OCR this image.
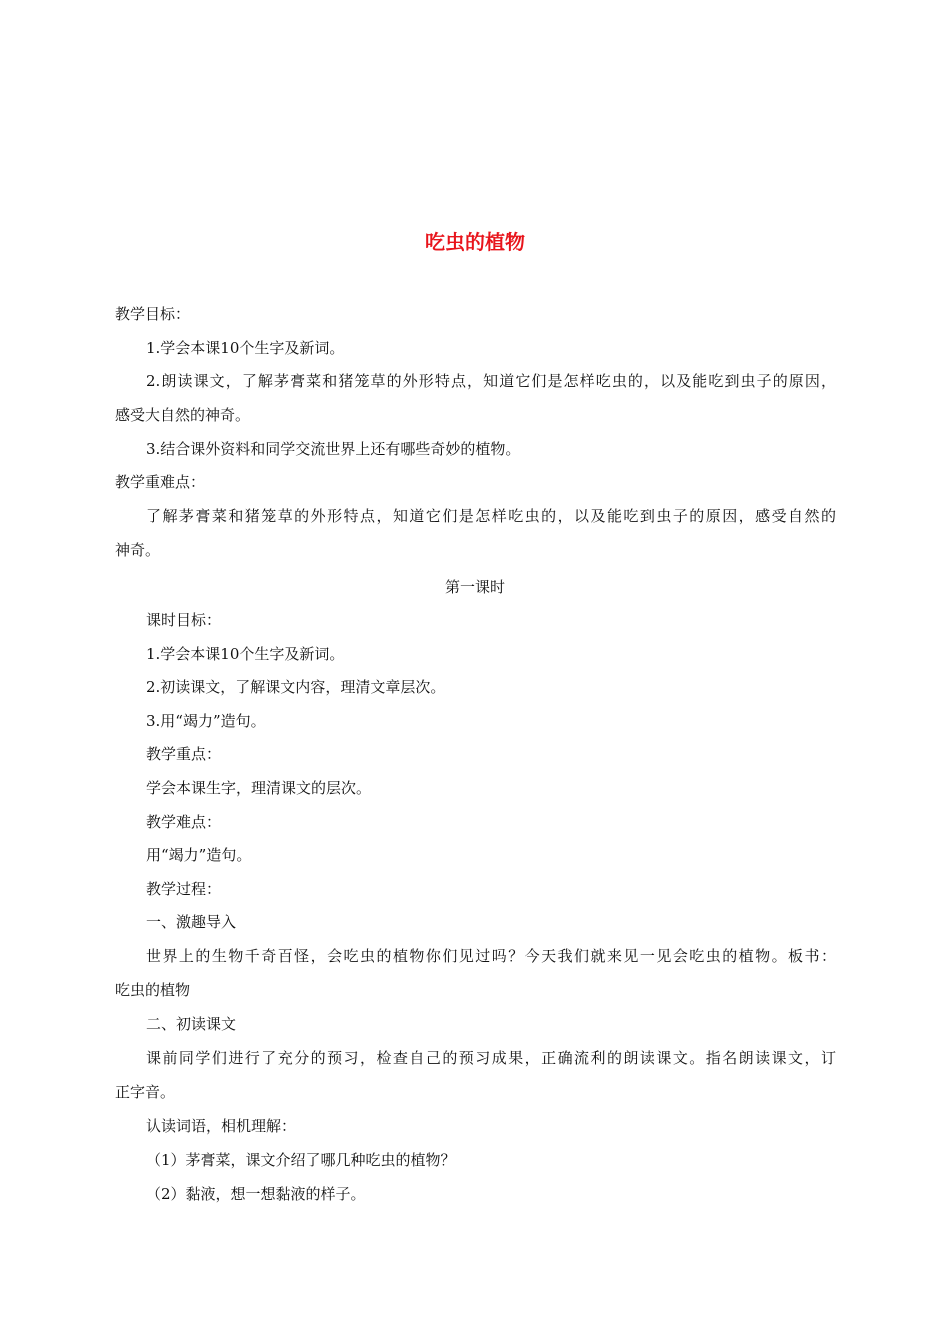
吃虫的植物
教学目标：
1.学会本课10个生字及新词。
2.朗读课文，了解茅膏菜和猪笼草的外形特点，知道它们是怎样吃虫的，以及能吃到虫子的原因，
感受大自然的神奇。
3.结合课外资料和同学交流世界上还有哪些奇妙的植物。
教学重难点：
了解茅膏菜和猪笼草的外形特点，知道它们是怎样吃虫的，以及能吃到虫子的原因，感受自然的
神奇。
第一课时
课时目标：
1.学会本课10个生字及新词。
2.初读课文，了解课文内容，理清文章层次。
3.用“竭力”造句。
教学重点：
学会本课生字，理清课文的层次。
教学难点：
用“竭力”造句。
教学过程：
一、激趣导入
世界上的生物千奇百怪，会吃虫的植物你们见过吗？今天我们就来见一见会吃虫的植物。板书：
吃虫的植物
二、初读课文
课前同学们进行了充分的预习，检查自己的预习成果，正确流利的朗读课文。指名朗读课文，订
正字音。
认读词语，相机理解：
（1）茅膏菜，课文介绍了哪几种吃虫的植物？
（2）黏液，想一想黏液的样子。
